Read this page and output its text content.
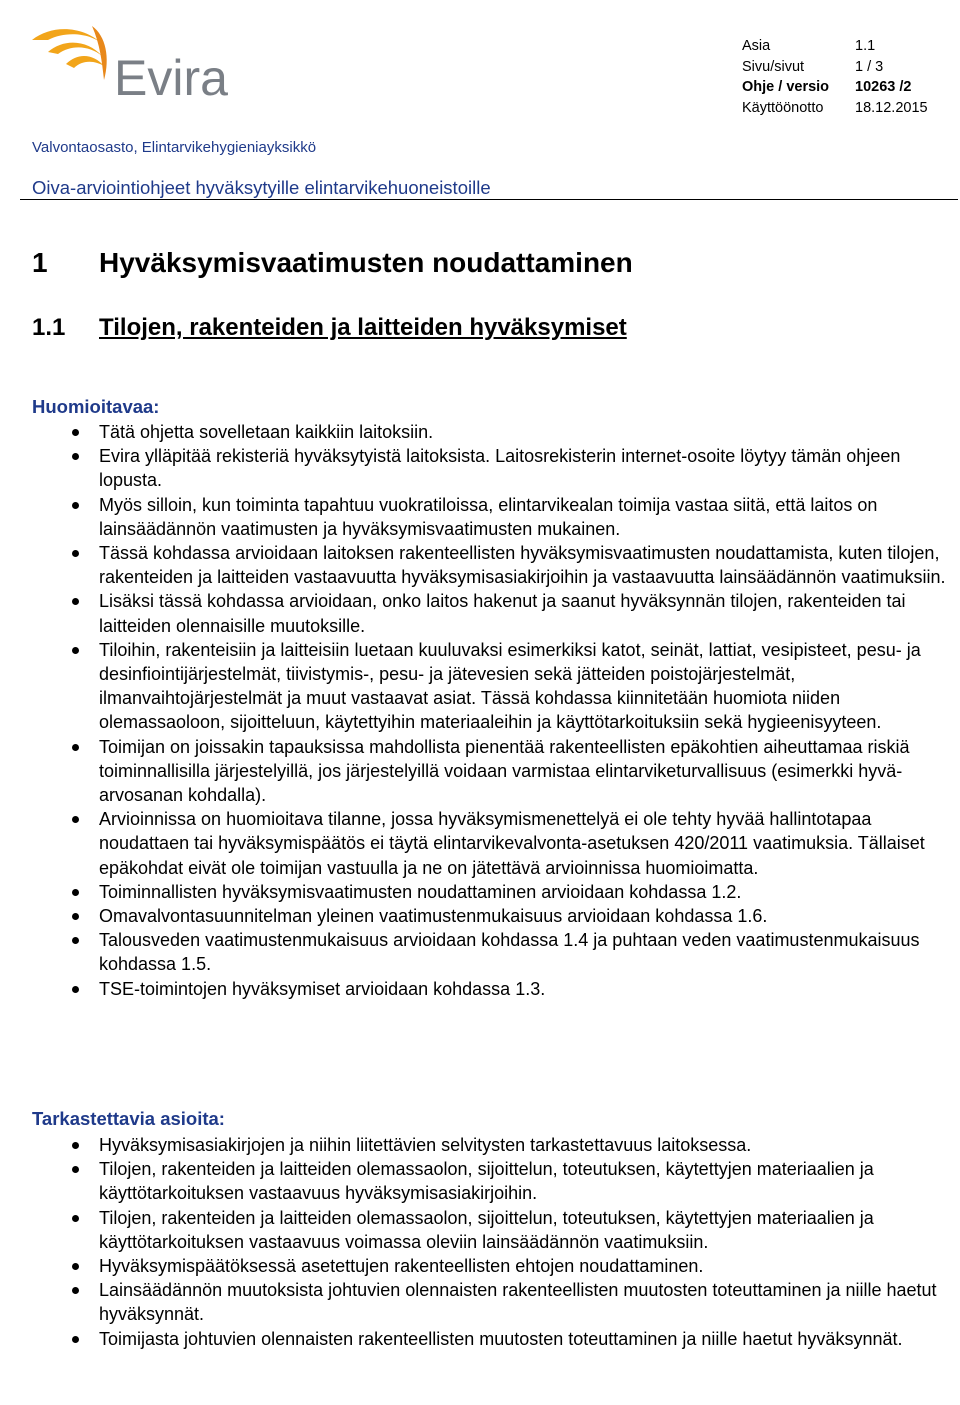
Evira
Asia	1.1
Sivu/sivut	1 / 3
Ohje / versio	10263 /2
Käyttöönotto	18.12.2015
Valvontaosasto, Elintarvikehygieniayksikkö
Oiva-arviointiohjeet hyväksytyille elintarvikehuoneistoille
1 Hyväksymisvaatimusten noudattaminen
1.1 Tilojen, rakenteiden ja laitteiden hyväksymiset
Huomioitavaa:
Tätä ohjetta sovelletaan kaikkiin laitoksiin.
Evira ylläpitää rekisteriä hyväksytyistä laitoksista. Laitosrekisterin internet-osoite löytyy tämän ohjeen lopusta.
Myös silloin, kun toiminta tapahtuu vuokratiloissa, elintarvikealan toimija vastaa siitä, että laitos on lainsäädännön vaatimusten ja hyväksymisvaatimusten mukainen.
Tässä kohdassa arvioidaan laitoksen rakenteellisten hyväksymisvaatimusten noudattamista, kuten tilojen, rakenteiden ja laitteiden vastaavuutta hyväksymisasiakirjoihin ja vastaavuutta lainsäädännön vaatimuksiin.
Lisäksi tässä kohdassa arvioidaan, onko laitos hakenut ja saanut hyväksynnän tilojen, rakenteiden tai laitteiden olennaisille muutoksille.
Tiloihin, rakenteisiin ja laitteisiin luetaan kuuluvaksi esimerkiksi katot, seinät, lattiat, vesipisteet, pesu- ja desinfiointijärjestelmät, tiivistymis-, pesu- ja jätevesien sekä jätteiden poistojärjestelmät, ilmanvaihtojärjestelmät ja muut vastaavat asiat. Tässä kohdassa kiinnitetään huomiota niiden olemassaoloon, sijoitteluun, käytettyihin materiaaleihin ja käyttötarkoituksiin sekä hygieenisyyteen.
Toimijan on joissakin tapauksissa mahdollista pienentää rakenteellisten epäkohtien aiheuttamaa riskiä toiminnallisilla järjestelyillä, jos järjestelyillä voidaan varmistaa elintarviketurvallisuus (esimerkki hyvä-arvosanan kohdalla).
Arvioinnissa on huomioitava tilanne, jossa hyväksymismenettelyä ei ole tehty hyvää hallintotapaa noudattaen tai hyväksymispäätös ei täytä elintarvikevalvonta-asetuksen 420/2011 vaatimuksia. Tällaiset epäkohdat eivät ole toimijan vastuulla ja ne on jätettävä arvioinnissa huomioimatta.
Toiminnallisten hyväksymisvaatimusten noudattaminen arvioidaan kohdassa 1.2.
Omavalvontasuunnitelman yleinen vaatimustenmukaisuus arvioidaan kohdassa 1.6.
Talousveden vaatimustenmukaisuus arvioidaan kohdassa 1.4 ja puhtaan veden vaatimustenmukaisuus kohdassa 1.5.
TSE-toimintojen hyväksymiset arvioidaan kohdassa 1.3.
Tarkastettavia asioita:
Hyväksymisasiakirjojen ja niihin liitettävien selvitysten tarkastettavuus laitoksessa.
Tilojen, rakenteiden ja laitteiden olemassaolon, sijoittelun, toteutuksen, käytettyjen materiaalien ja käyttötarkoituksen vastaavuus hyväksymisasiakirjoihin.
Tilojen, rakenteiden ja laitteiden olemassaolon, sijoittelun, toteutuksen, käytettyjen materiaalien ja käyttötarkoituksen vastaavuus voimassa oleviin lainsäädännön vaatimuksiin.
Hyväksymispäätöksessä asetettujen rakenteellisten ehtojen noudattaminen.
Lainsäädännön muutoksista johtuvien olennaisten rakenteellisten muutosten toteuttaminen ja niille haetut hyväksynnät.
Toimijasta johtuvien olennaisten rakenteellisten muutosten toteuttaminen ja niille haetut hyväksynnät.
